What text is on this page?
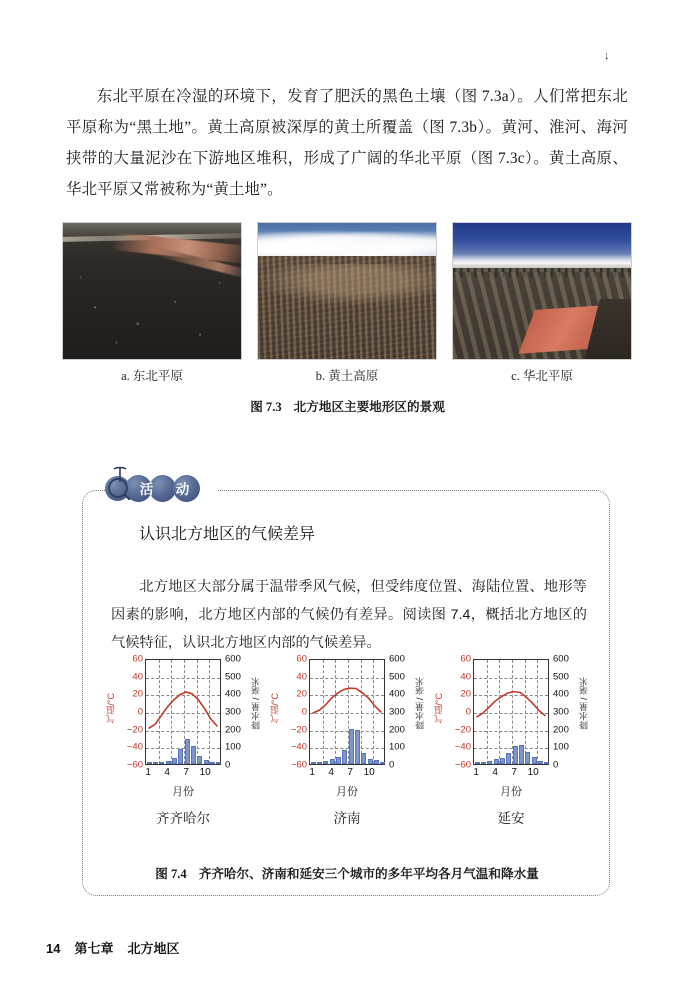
↓

东北平原在冷湿的环境下，发育了肥沃的黑色土壤（图 7.3a）。人们常把东北平原称为“黑土地”。黄土高原被深厚的黄土所覆盖（图 7.3b）。黄河、淮河、海河挟带的大量泥沙在下游地区堆积，形成了广阔的华北平原（图 7.3c）。黄土高原、华北平原又常被称为“黄土地”。

a. 东北平原	b. 黄土高原	c. 华北平原
图 7.3 北方地区主要地形区的景观
活 动
认识北方地区的气候差异

北方地区大部分属于温带季风气候，但受纬度位置、海陆位置、地形等因素的影响，北方地区内部的气候仍有差异。阅读图 7.4，概括北方地区的气候特征，认识北方地区内部的气候差异。

气温/°C	降水量 / 毫米
60
40
20
0
−20
−40
−60
600
500
400
300
200
100
0
1 4 7 10
月份
齐齐哈尔
气温/°C	降水量 / 毫米
60
40
20
0
−20
−40
−60
600
500
400
300
200
100
0
1 4 7 10
月份
济南
气温/°C	降水量 / 毫米
60
40
20
0
−20
−40
−60
600
500
400
300
200
100
0
1 4 7 10
月份
延安
图 7.4 齐齐哈尔、济南和延安三个城市的多年平均各月气温和降水量
14 第七章 北方地区
